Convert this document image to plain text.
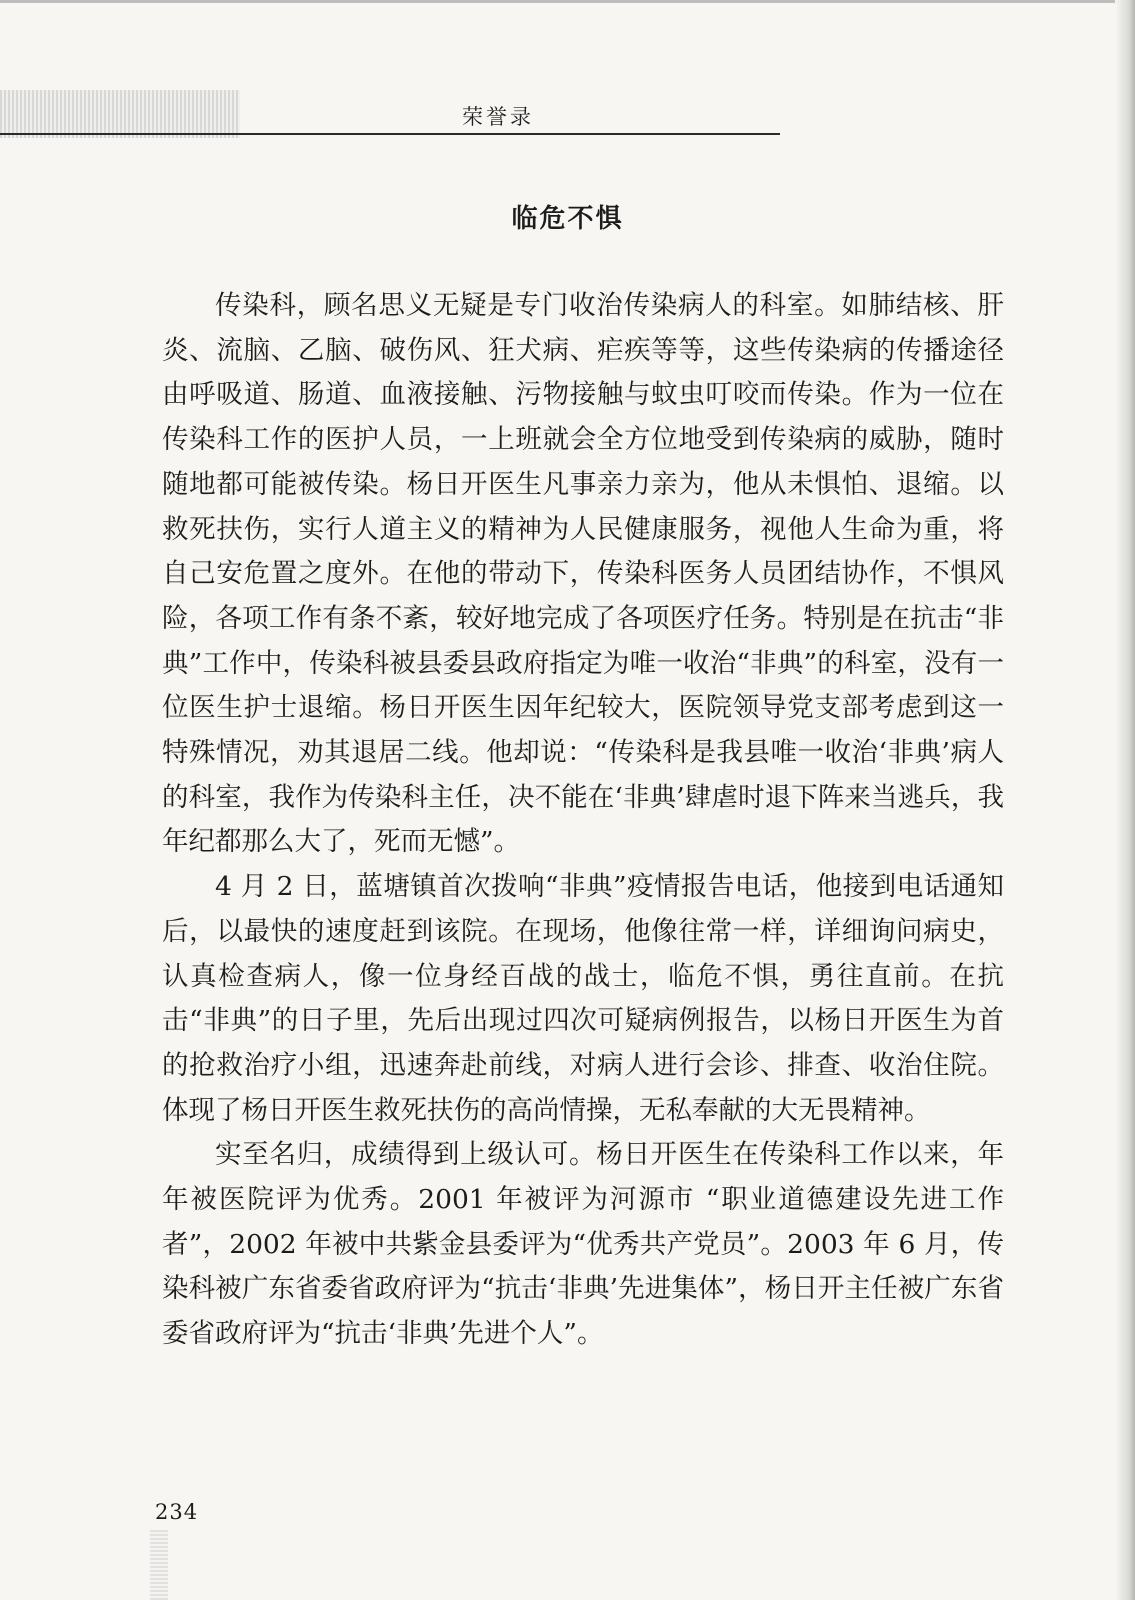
荣誉录
临危不惧

传染科，顾名思义无疑是专门收治传染病人的科室。如肺结核、肝炎、流脑、乙脑、破伤风、狂犬病、疟疾等等，这些传染病的传播途径由呼吸道、肠道、血液接触、污物接触与蚊虫叮咬而传染。作为一位在传染科工作的医护人员，一上班就会全方位地受到传染病的威胁，随时随地都可能被传染。杨日开医生凡事亲力亲为，他从未惧怕、退缩。以救死扶伤，实行人道主义的精神为人民健康服务，视他人生命为重，将自己安危置之度外。在他的带动下，传染科医务人员团结协作，不惧风险，各项工作有条不紊，较好地完成了各项医疗任务。特别是在抗击“非典”工作中，传染科被县委县政府指定为唯一收治“非典”的科室，没有一位医生护士退缩。杨日开医生因年纪较大，医院领导党支部考虑到这一特殊情况，劝其退居二线。他却说：“传染科是我县唯一收治‘非典’病人的科室，我作为传染科主任，决不能在‘非典’肆虐时退下阵来当逃兵，我年纪都那么大了，死而无憾”。

4 月 2 日，蓝塘镇首次拨响“非典”疫情报告电话，他接到电话通知后，以最快的速度赶到该院。在现场，他像往常一样，详细询问病史，认真检查病人，像一位身经百战的战士，临危不惧，勇往直前。在抗击“非典”的日子里，先后出现过四次可疑病例报告，以杨日开医生为首的抢救治疗小组，迅速奔赴前线，对病人进行会诊、排查、收治住院。体现了杨日开医生救死扶伤的高尚情操，无私奉献的大无畏精神。

实至名归，成绩得到上级认可。杨日开医生在传染科工作以来，年年被医院评为优秀。2001 年被评为河源市 “职业道德建设先进工作者”，2002 年被中共紫金县委评为“优秀共产党员”。2003 年 6 月，传染科被广东省委省政府评为“抗击‘非典’先进集体”，杨日开主任被广东省委省政府评为“抗击‘非典’先进个人”。

234
